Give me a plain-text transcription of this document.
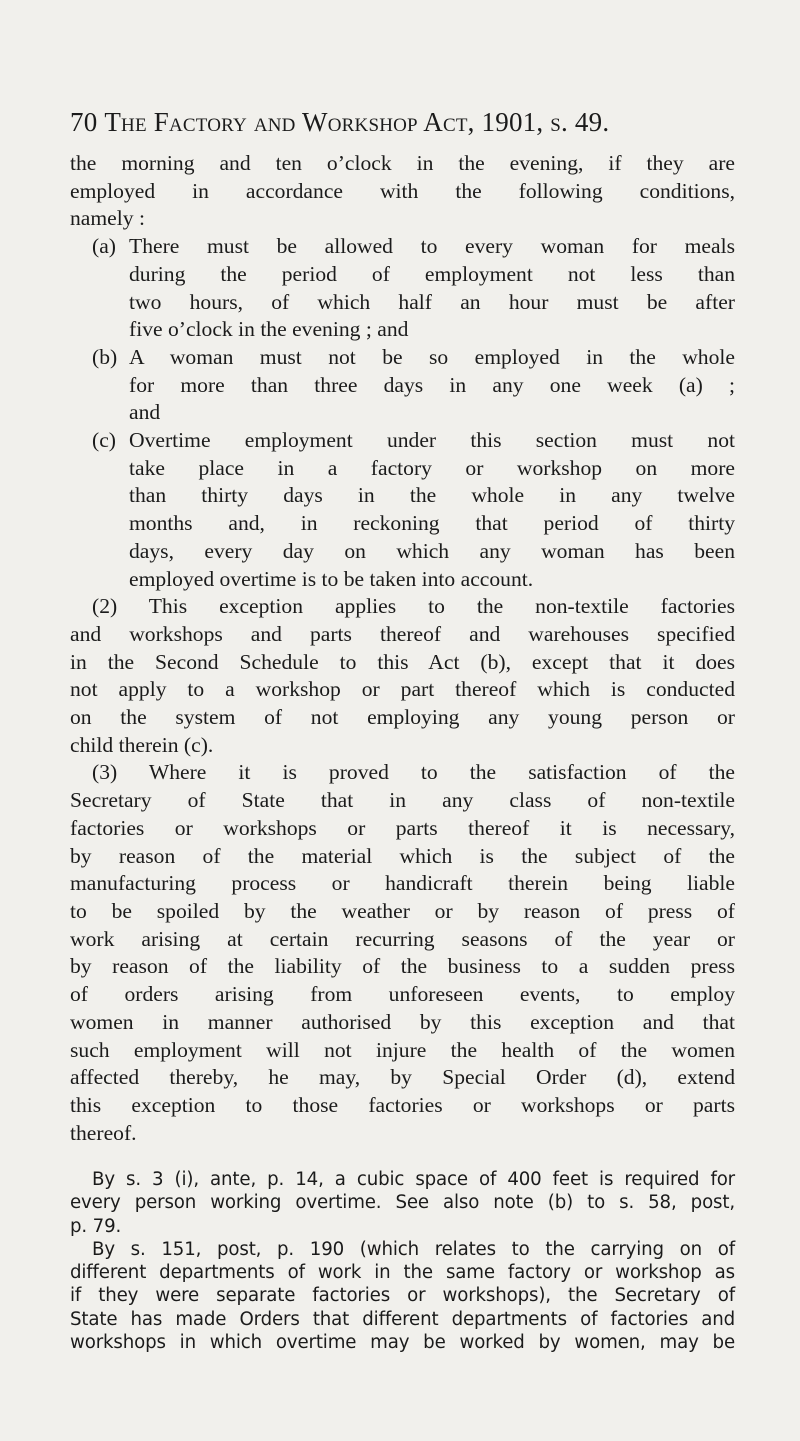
70 The Factory and Workshop Act, 1901, s. 49.

the morning and ten o’clock in the evening, if they are
employed in accordance with the following conditions,
namely :

(a) There must be allowed to every woman for meals
during the period of employment not less than
two hours, of which half an hour must be after
five o’clock in the evening ; and
(b) A woman must not be so employed in the whole
for more than three days in any one week (a) ;
and
(c) Overtime employment under this section must not
take place in a factory or workshop on more
than thirty days in the whole in any twelve
months and, in reckoning that period of thirty
days, every day on which any woman has been
employed overtime is to be taken into account.

(2) This exception applies to the non-textile factories
and workshops and parts thereof and warehouses specified
in the Second Schedule to this Act (b), except that it does
not apply to a workshop or part thereof which is conducted
on the system of not employing any young person or
child therein (c).

(3) Where it is proved to the satisfaction of the
Secretary of State that in any class of non-textile
factories or workshops or parts thereof it is necessary,
by reason of the material which is the subject of the
manufacturing process or handicraft therein being liable
to be spoiled by the weather or by reason of press of
work arising at certain recurring seasons of the year or
by reason of the liability of the business to a sudden press
of orders arising from unforeseen events, to employ
women in manner authorised by this exception and that
such employment will not injure the health of the women
affected thereby, he may, by Special Order (d), extend
this exception to those factories or workshops or parts
thereof.

By s. 3 (i), ante, p. 14, a cubic space of 400 feet is required for
every person working overtime. See also note (b) to s. 58, post,
p. 79.

By s. 151, post, p. 190 (which relates to the carrying on of
different departments of work in the same factory or workshop as
if they were separate factories or workshops), the Secretary of
State has made Orders that different departments of factories and
workshops in which overtime may be worked by women, may be
